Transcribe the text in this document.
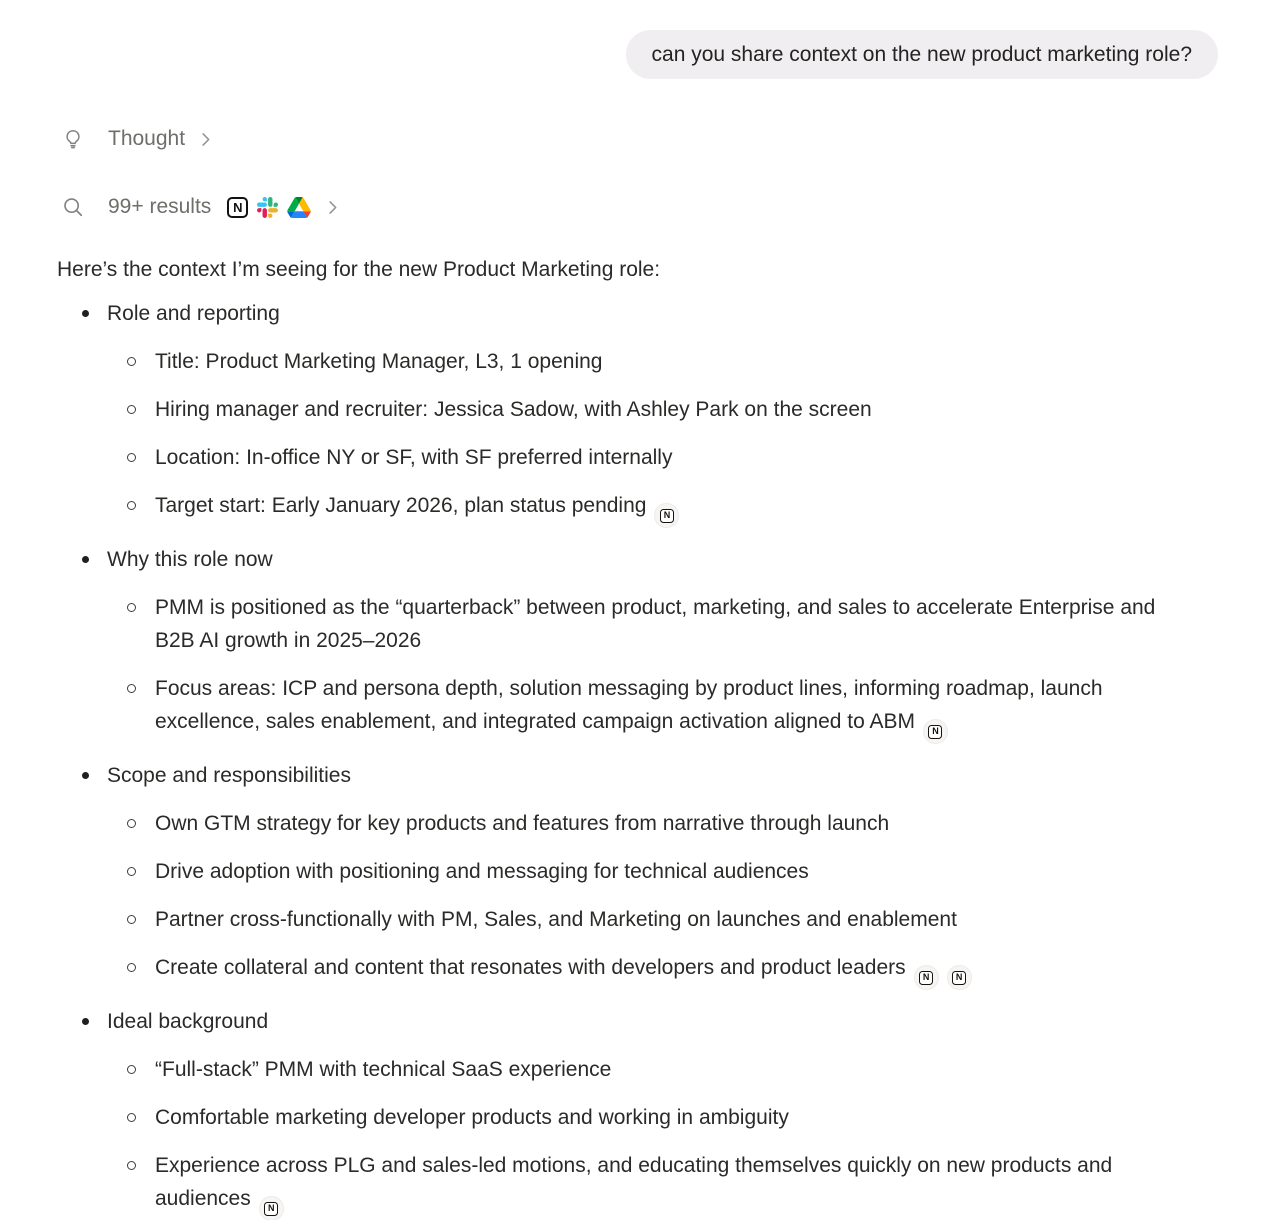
can you share context on the new product marketing role?
Thought
99+ results	N

Here’s the context I’m seeing for the new Product Marketing role:

Role and reporting
Title: Product Marketing Manager, L3, 1 opening
Hiring manager and recruiter: Jessica Sadow, with Ashley Park on the screen
Location: In-office NY or SF, with SF preferred internally
Target start: Early January 2026, plan status pending	N
Why this role now
PMM is positioned as the “quarterback” between product, marketing, and sales to accelerate Enterprise and B2B AI growth in 2025–2026
Focus areas: ICP and persona depth, solution messaging by product lines, informing roadmap, launch excellence, sales enablement, and integrated campaign activation aligned to ABM	N
Scope and responsibilities
Own GTM strategy for key products and features from narrative through launch
Drive adoption with positioning and messaging for technical audiences
Partner cross-functionally with PM, Sales, and Marketing on launches and enablement
Create collateral and content that resonates with developers and product leaders	N	N
Ideal background
“Full-stack” PMM with technical SaaS experience
Comfortable marketing developer products and working in ambiguity
Experience across PLG and sales-led motions, and educating themselves quickly on new products and audiences	N
